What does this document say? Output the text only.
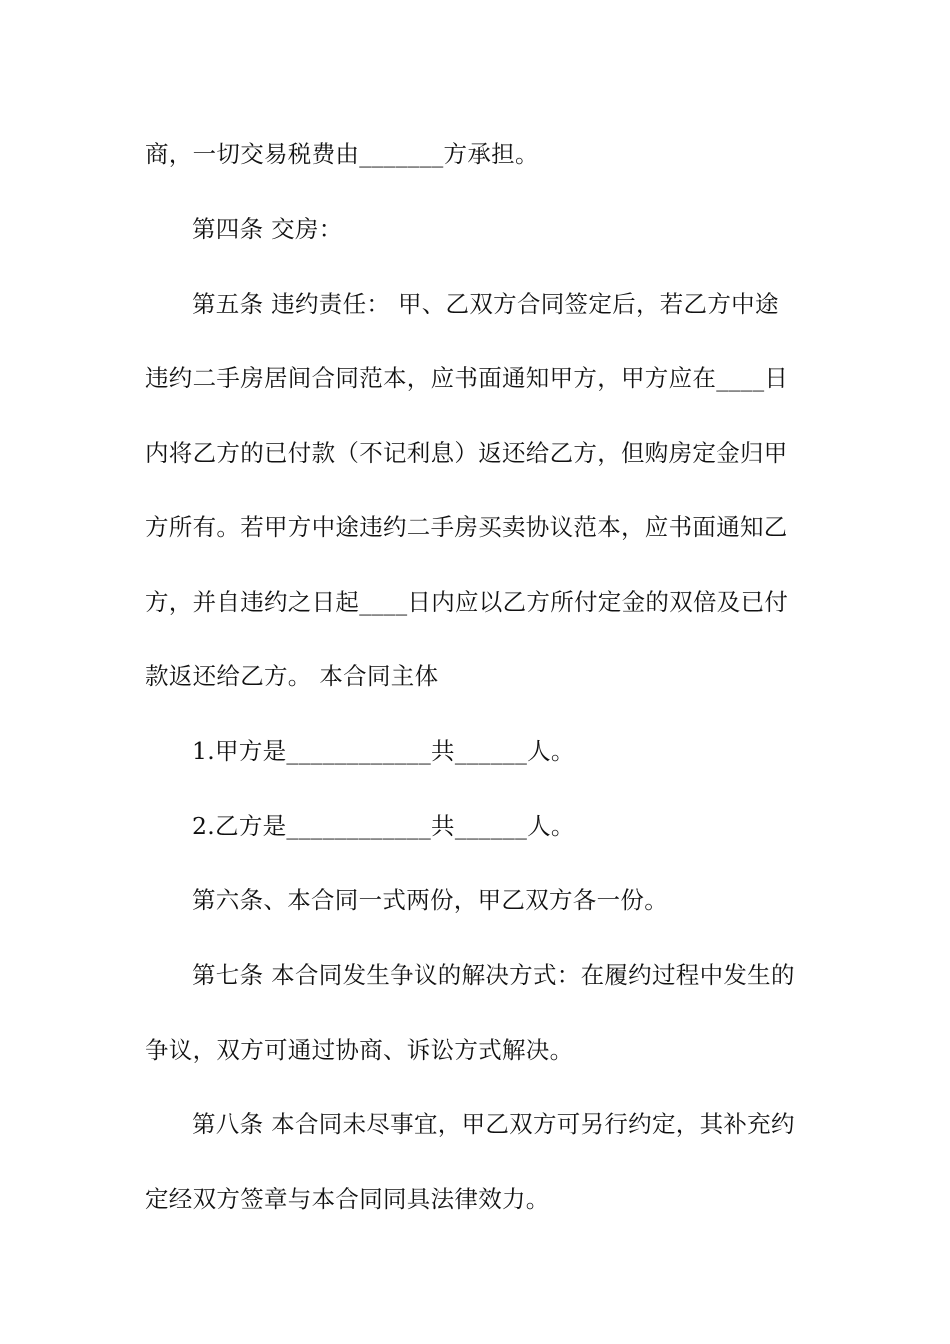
商，一切交易税费由_______方承担。
第四条 交房：
第五条 违约责任： 甲、乙双方合同签定后，若乙方中途
违约二手房居间合同范本，应书面通知甲方，甲方应在____日
内将乙方的已付款（不记利息）返还给乙方，但购房定金归甲
方所有。若甲方中途违约二手房买卖协议范本，应书面通知乙
方，并自违约之日起____日内应以乙方所付定金的双倍及已付
款返还给乙方。 本合同主体
1.甲方是____________共______人。
2.乙方是____________共______人。
第六条、本合同一式两份，甲乙双方各一份。
第七条 本合同发生争议的解决方式：在履约过程中发生的
争议，双方可通过协商、诉讼方式解决。
第八条 本合同未尽事宜，甲乙双方可另行约定，其补充约
定经双方签章与本合同同具法律效力。
